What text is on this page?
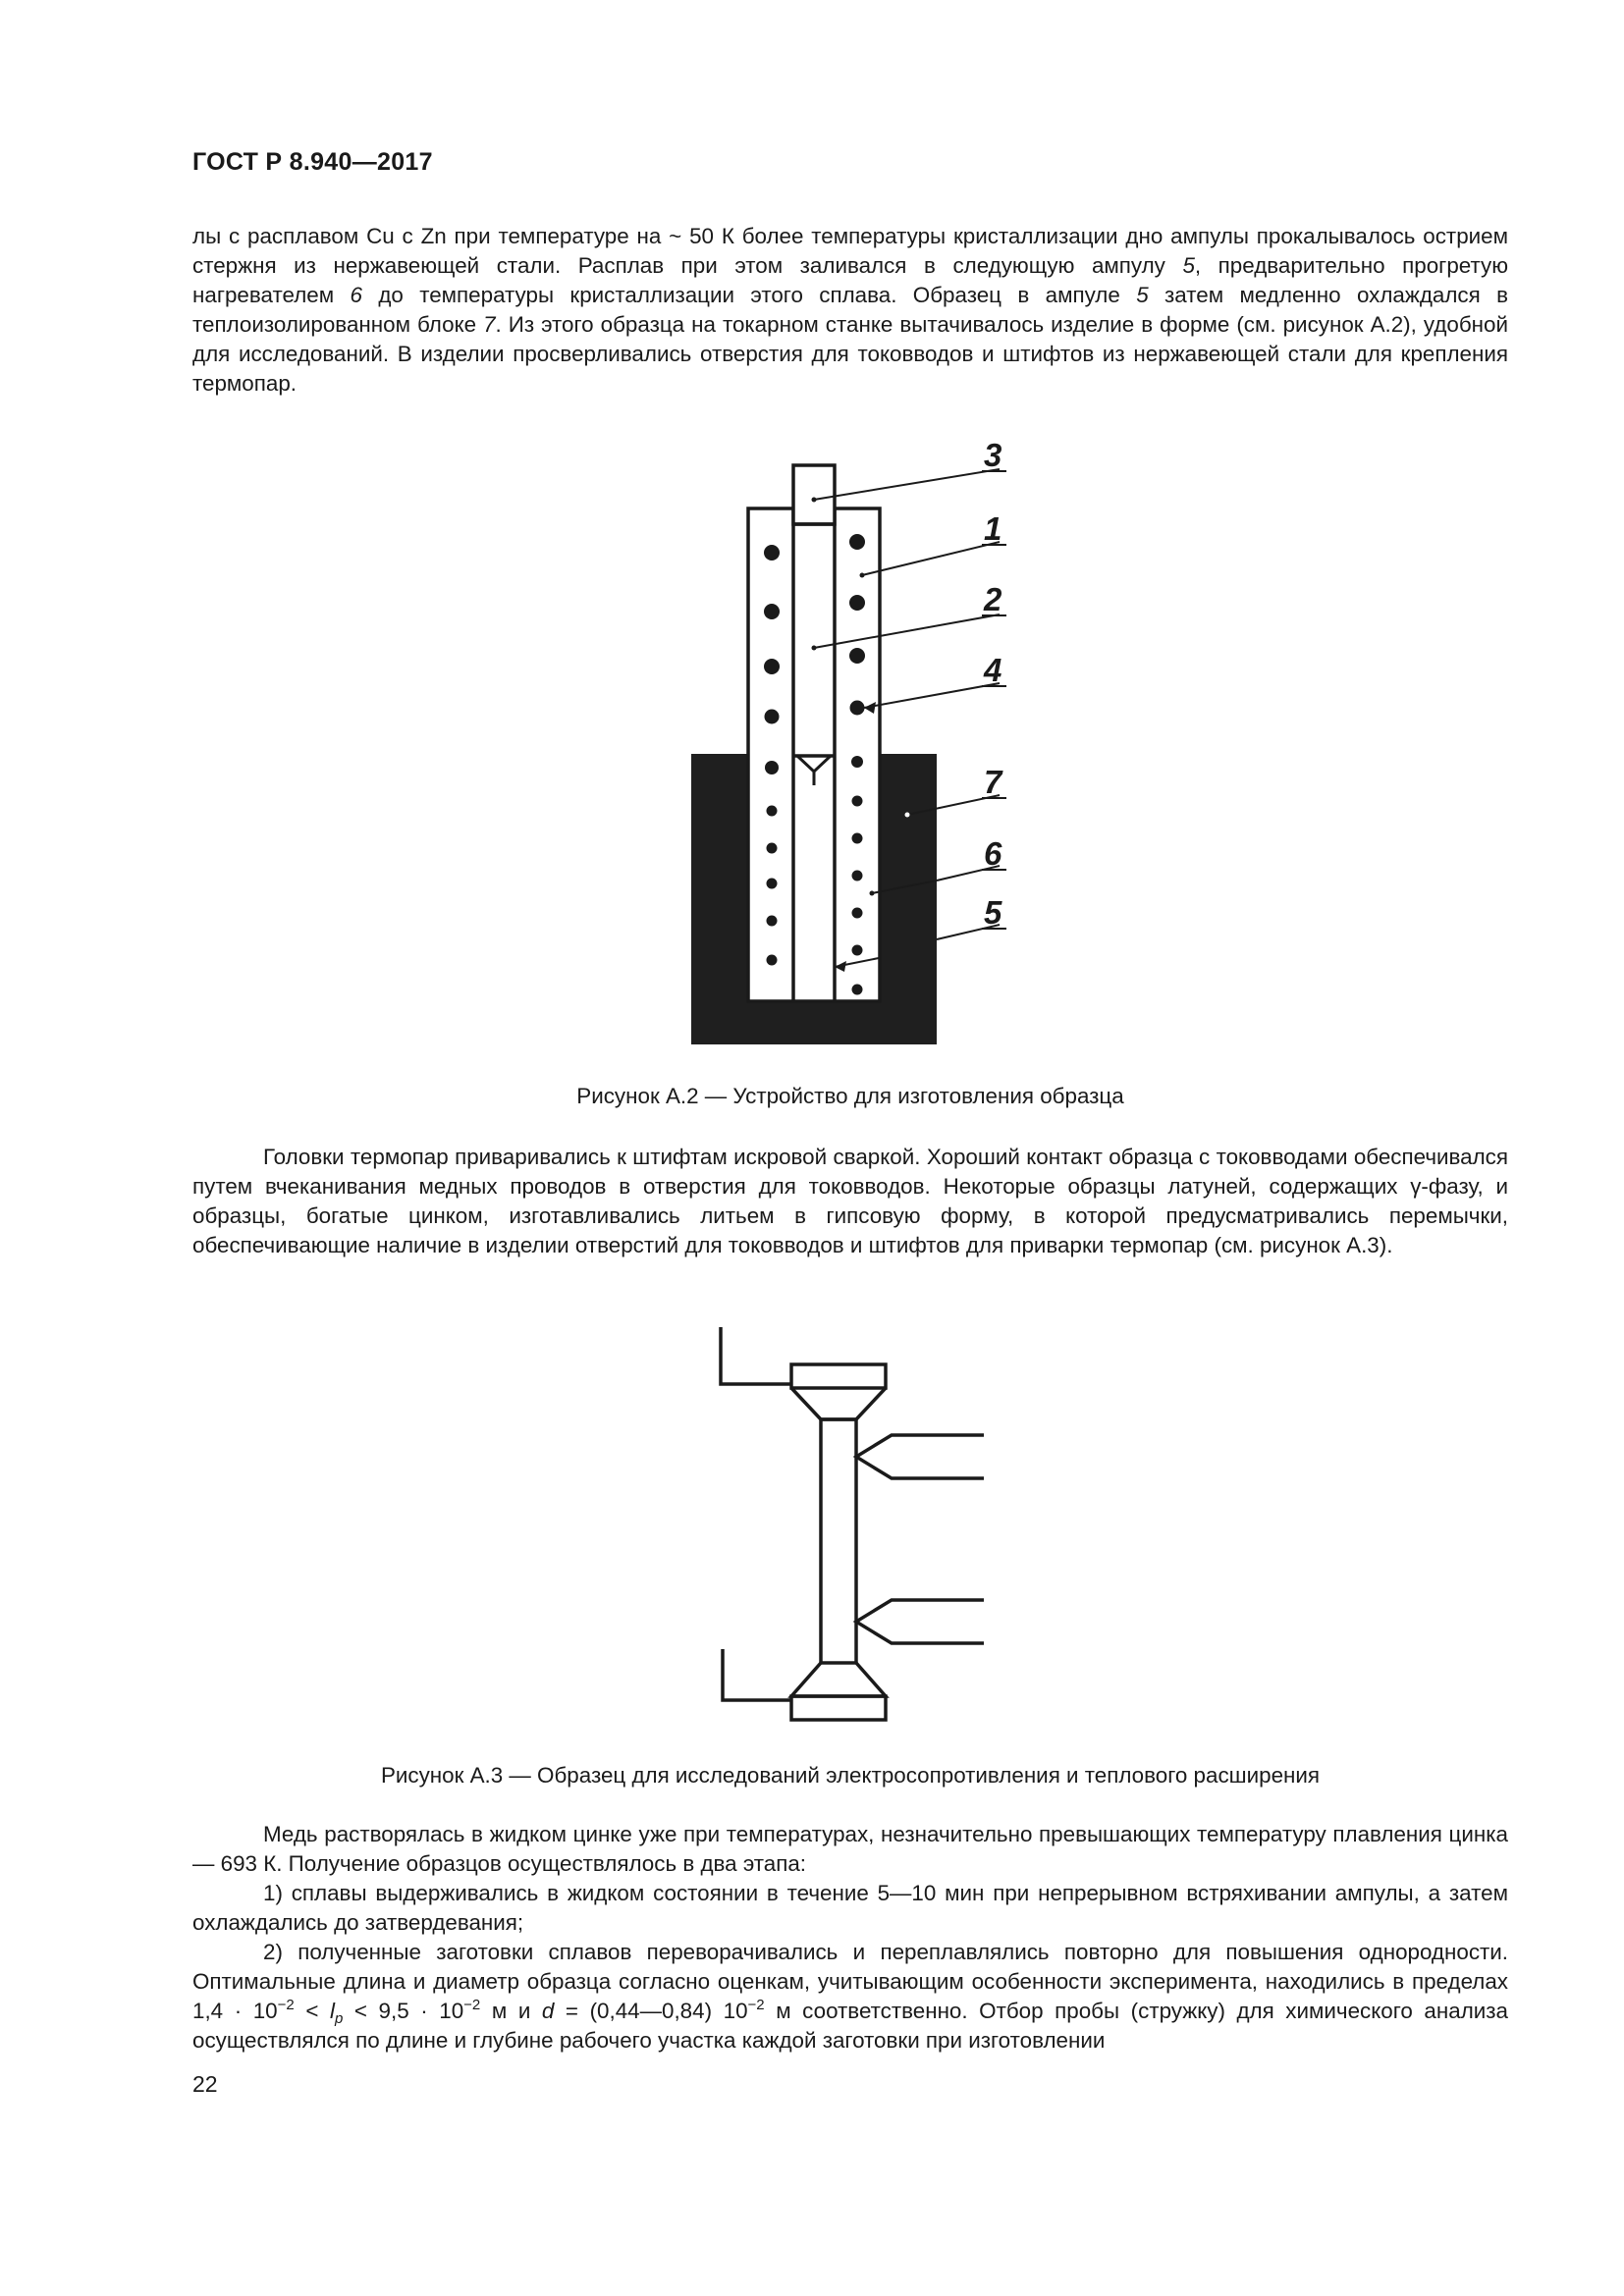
ГОСТ Р 8.940—2017

лы с расплавом Cu с Zn при температуре на ~ 50 К более температуры кристаллизации дно ампулы прокалывалось острием стержня из нержавеющей стали. Расплав при этом заливался в следующую ампулу 5, предварительно прогретую нагревателем 6 до температуры кристаллизации этого сплава. Образец в ампуле 5 затем медленно охлаждался в теплоизолированном блоке 7. Из этого образца на токарном станке вытачивалось изделие в форме (см. рисунок А.2), удобной для исследований. В изделии просверливались отверстия для токовводов и штифтов из нержавеющей стали для крепления термопар.

3
1
2
4
7
6
5
Рисунок А.2 — Устройство для изготовления образца

Головки термопар приваривались к штифтам искровой сваркой. Хороший контакт образца с токовводами обеспечивался путем вчеканивания медных проводов в отверстия для токовводов. Некоторые образцы латуней, содержащих γ-фазу, и образцы, богатые цинком, изготавливались литьем в гипсовую форму, в которой предусматривались перемычки, обеспечивающие наличие в изделии отверстий для токовводов и штифтов для приварки термопар (см. рисунок А.3).

Рисунок А.3 — Образец для исследований электросопротивления и теплового расширения

Медь растворялась в жидком цинке уже при температурах, незначительно превышающих температуру плавления цинка — 693 К. Получение образцов осуществлялось в два этапа:

1) сплавы выдерживались в жидком состоянии в течение 5—10 мин при непрерывном встряхивании ампулы, а затем охлаждались до затвердевания;

2) полученные заготовки сплавов переворачивались и переплавлялись повторно для повышения однородности. Оптимальные длина и диаметр образца согласно оценкам, учитывающим особенности эксперимента, находились в пределах $1,4 \cdot 10^{-2} < l_p < 9,5 \cdot 10^{-2}$ м и d = (0,44—0,84) $10^{-2}$ м соответственно. Отбор пробы (стружку) для химического анализа осуществлялся по длине и глубине рабочего участка каждой заготовки при изготовлении

22
